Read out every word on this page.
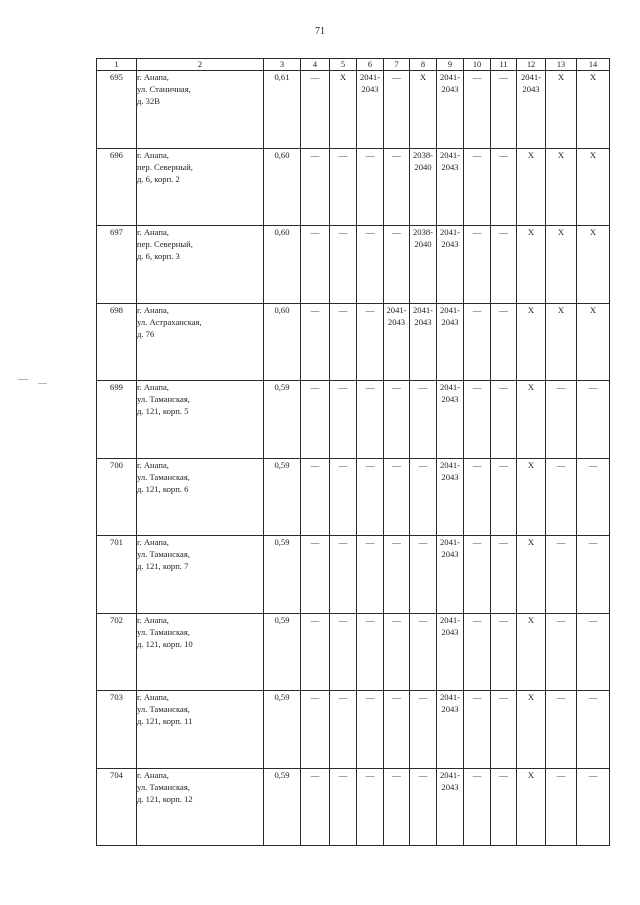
71
1	2	3	4	5	6	7	8	9	10	11	12	13	14
695	г. Анапа,
ул. Станичная,
д. 32В	0,61	—	X	2041-
2043	—	X	2041-
2043	—	—	2041-
2043	X	X

696	г. Анапа,
пер. Северный,
д. 6, корп. 2	0,60	—	—	—	—	2038-
2040	2041-
2043	—	—	X	X	X

697	г. Анапа,
пер. Северный,
д. 6, корп. 3	0,60	—	—	—	—	2038-
2040	2041-
2043	—	—	X	X	X

698	г. Анапа,
ул. Астраханская,
д. 76	0,60	—	—	—	2041-
2043	2041-
2043	2041-
2043	—	—	X	X	X

699	г. Анапа,
ул. Таманская,
д. 121, корп. 5	0,59	—	—	—	—	—	2041-
2043	—	—	X	—	—

700	г. Анапа,
ул. Таманская,
д. 121, корп. 6	0,59	—	—	—	—	—	2041-
2043	—	—	X	—	—

701	г. Анапа,
ул. Таманская,
д. 121, корп. 7	0,59	—	—	—	—	—	2041-
2043	—	—	X	—	—

702	г. Анапа,
ул. Таманская,
д. 121, корп. 10	0,59	—	—	—	—	—	2041-
2043	—	—	X	—	—

703	г. Анапа,
ул. Таманская,
д. 121, корп. 11	0,59	—	—	—	—	—	2041-
2043	—	—	X	—	—

704	г. Анапа,
ул. Таманская,
д. 121, корп. 12	0,59	—	—	—	—	—	2041-
2043	—	—	X	—	—
